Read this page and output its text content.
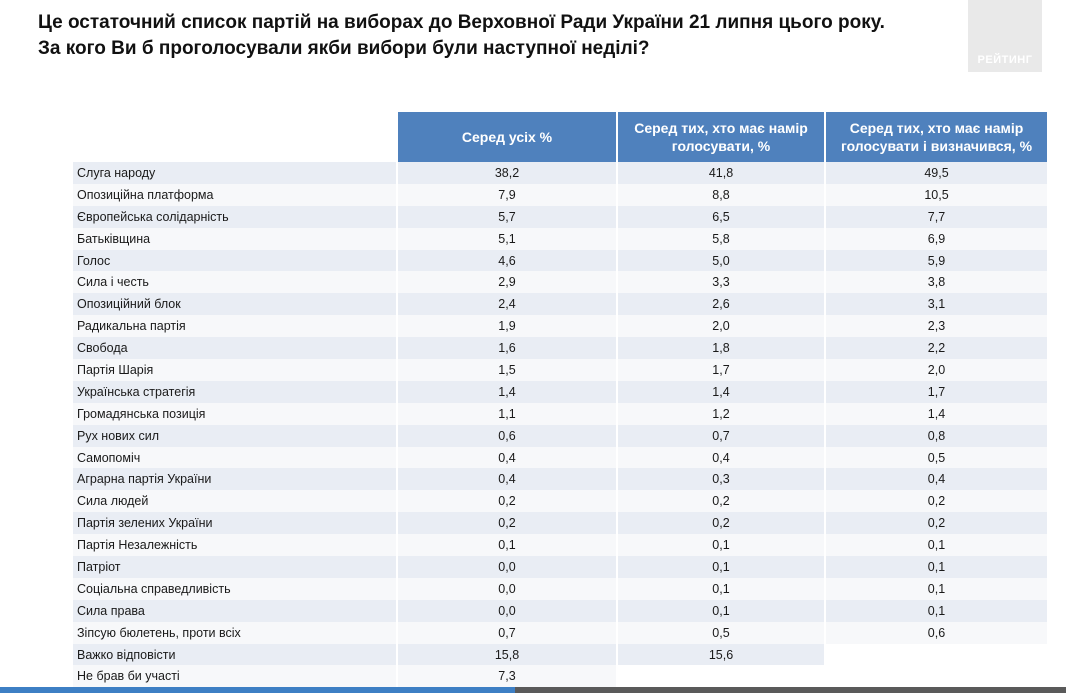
Це остаточний список партій на виборах до Верховної Ради України 21 липня цього року.
За кого Ви б проголосували якби вибори були наступної неділі?
РЕЙТИНГ
	Серед усіх %	Серед тих, хто має намір голосувати, %	Серед тих, хто має намір голосувати і визначився, %
Слуга народу	38,2	41,8	49,5
Опозиційна платформа	7,9	8,8	10,5
Європейська солідарність	5,7	6,5	7,7
Батьківщина	5,1	5,8	6,9
Голос	4,6	5,0	5,9
Сила і честь	2,9	3,3	3,8
Опозиційний блок	2,4	2,6	3,1
Радикальна партія	1,9	2,0	2,3
Свобода	1,6	1,8	2,2
Партія Шарія	1,5	1,7	2,0
Українська стратегія	1,4	1,4	1,7
Громадянська позиція	1,1	1,2	1,4
Рух нових сил	0,6	0,7	0,8
Самопоміч	0,4	0,4	0,5
Аграрна партія України	0,4	0,3	0,4
Сила людей	0,2	0,2	0,2
Партія зелених України	0,2	0,2	0,2
Партія Незалежність	0,1	0,1	0,1
Патріот	0,0	0,1	0,1
Соціальна справедливість	0,0	0,1	0,1
Сила права	0,0	0,1	0,1
Зіпсую бюлетень, проти всіх	0,7	0,5	0,6
Важко відповісти	15,8	15,6	
Не брав би участі	7,3		
